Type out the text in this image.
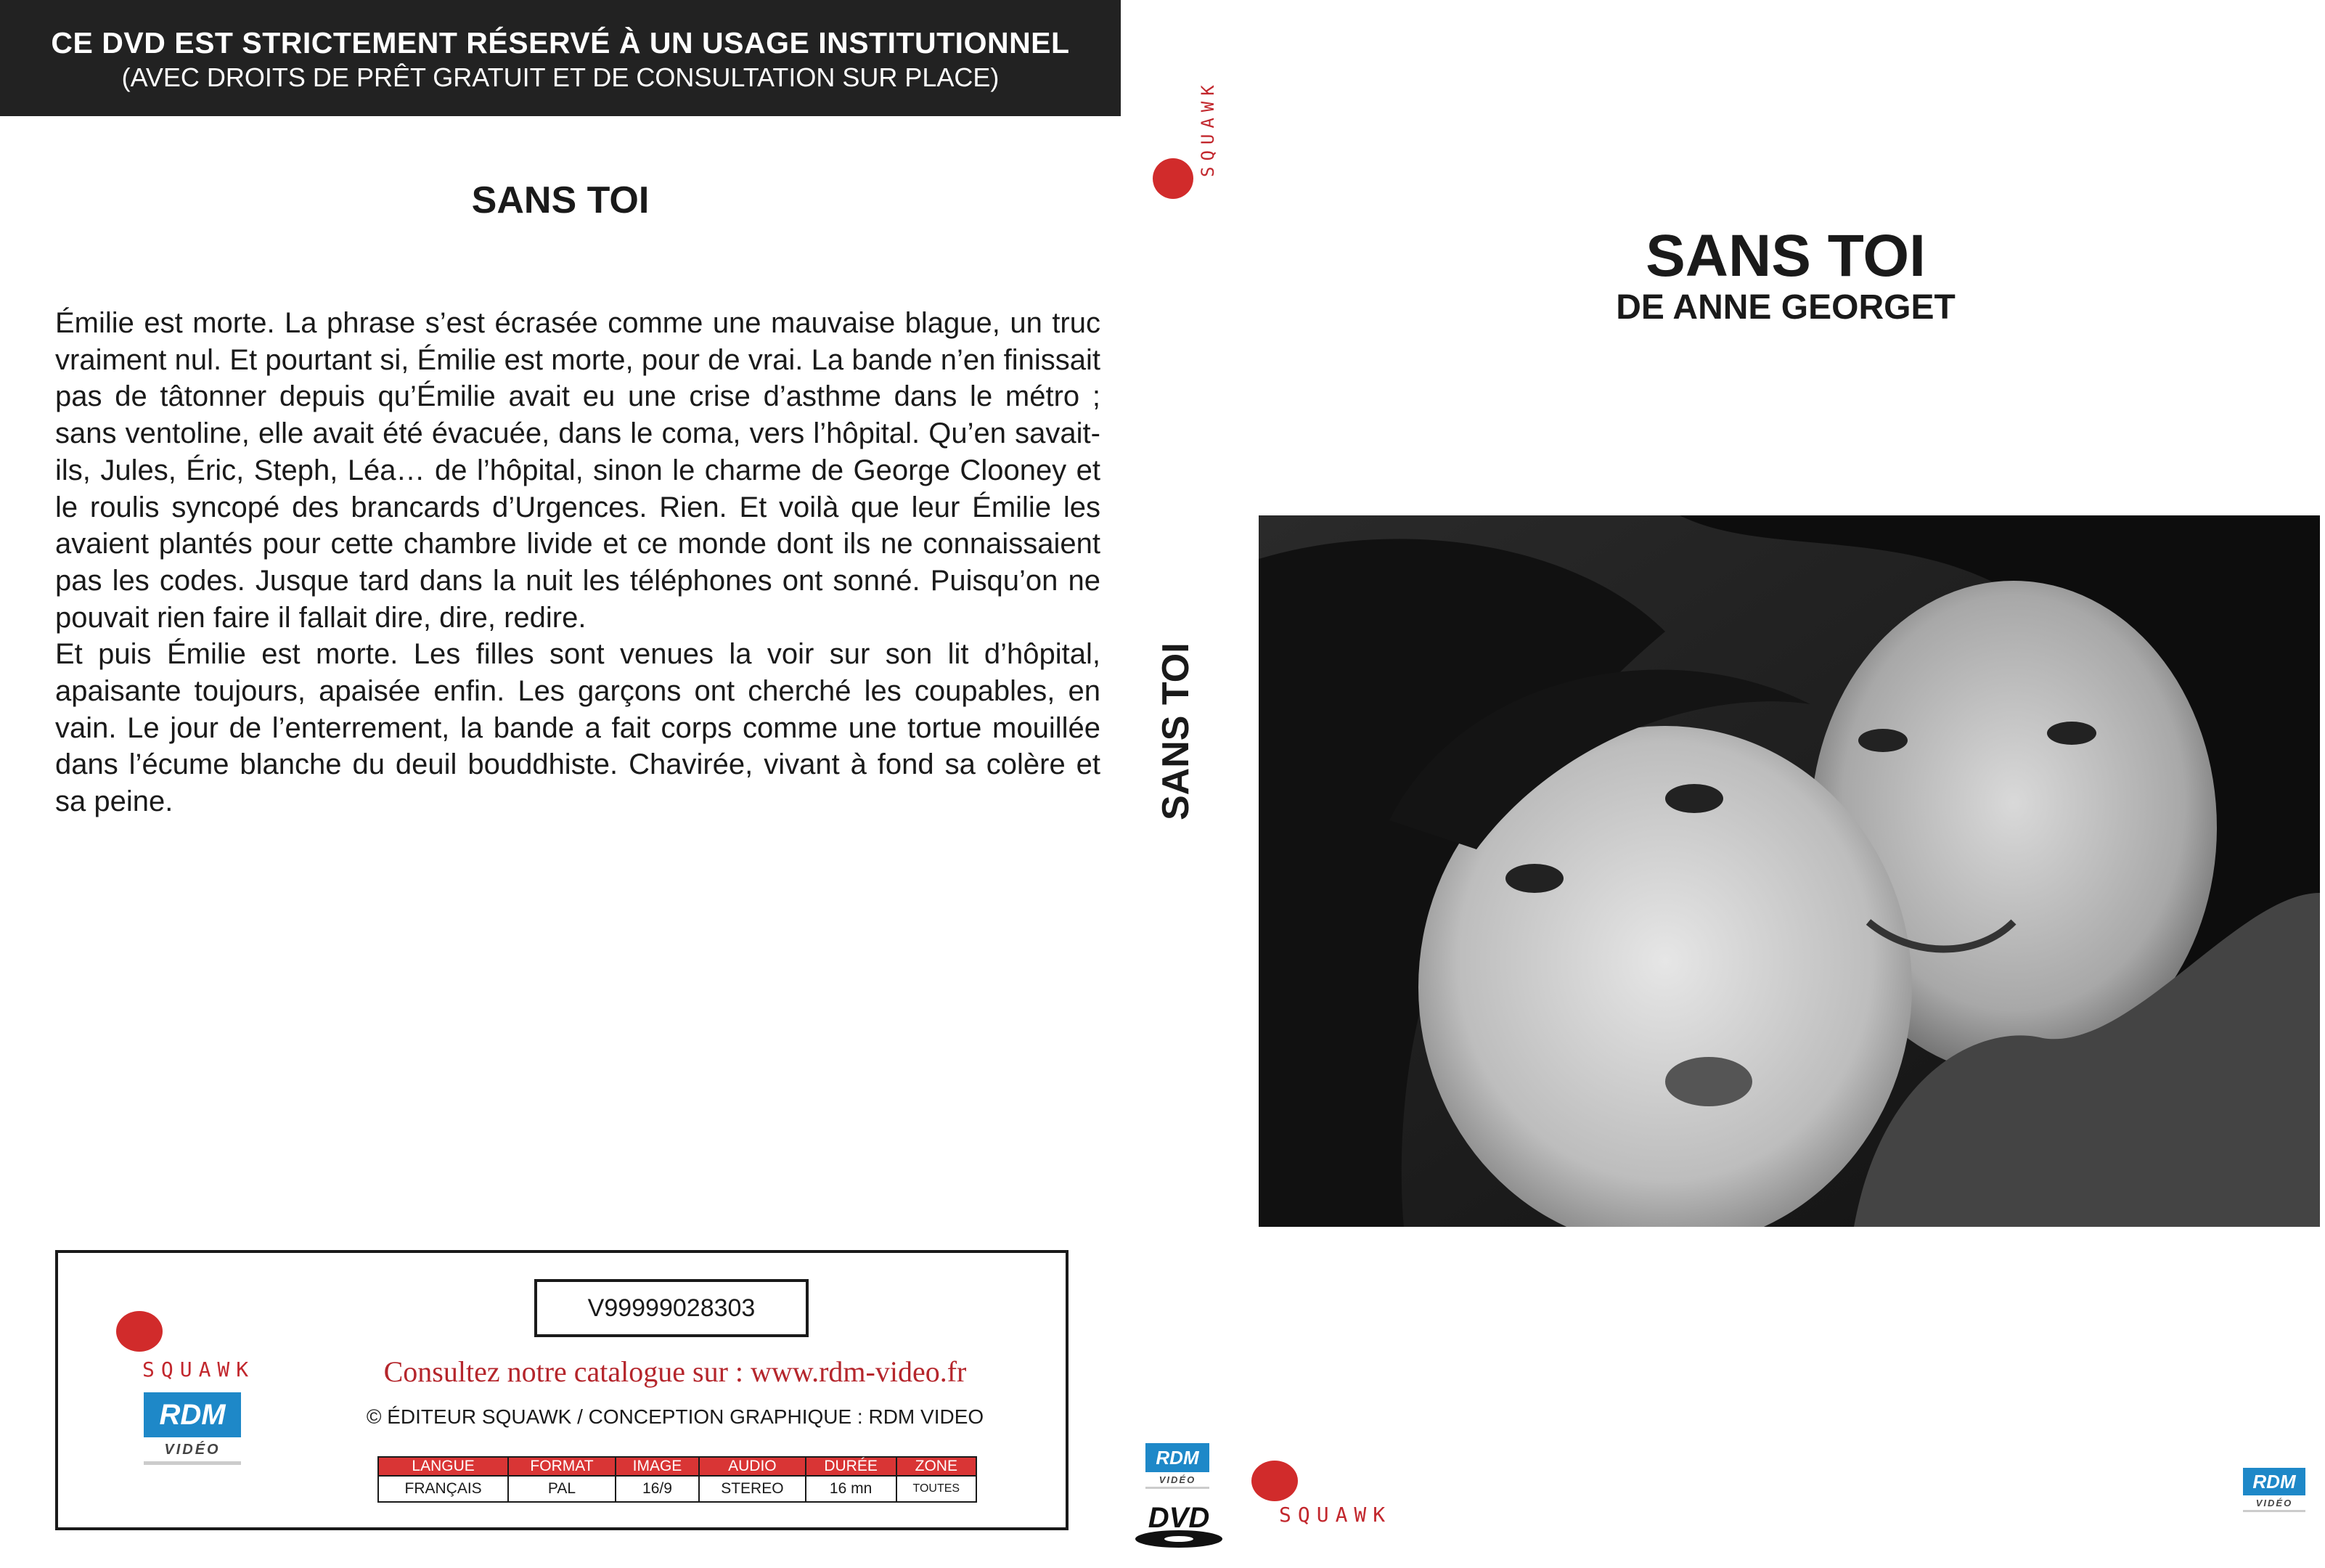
CE DVD EST STRICTEMENT RÉSERVÉ À UN USAGE INSTITUTIONNEL
(AVEC DROITS DE PRÊT GRATUIT ET DE CONSULTATION SUR PLACE)
SANS TOI

Émilie est morte. La phrase s’est écrasée comme une mauvaise blague, un truc vraiment nul. Et pourtant si, Émilie est morte, pour de vrai. La bande n’en finissait pas de tâtonner depuis qu’Émilie avait eu une crise d’asthme dans le métro ; sans ventoline, elle avait été évacuée, dans le coma, vers l’hôpital. Qu’en savait-ils, Jules, Éric, Steph, Léa… de l’hôpital, sinon le charme de George Clooney et le roulis syncopé des brancards d’Urgences. Rien. Et voilà que leur Émilie les avaient plantés pour cette chambre livide et ce monde dont ils ne connaissaient pas les codes. Jusque tard dans la nuit les téléphones ont sonné. Puisqu’on ne pouvait rien faire il fallait dire, dire, redire.

Et puis Émilie est morte. Les filles sont venues la voir sur son lit d’hôpital, apaisante toujours, apaisée enfin. Les garçons ont cherché les coupables, en vain. Le jour de l’enterrement, la bande a fait corps comme une tortue mouillée dans l’écume blanche du deuil bouddhiste. Chavirée, vivant à fond sa colère et sa peine.

SQUAWK
RDM
VIDÉO
V99999028303
Consultez notre catalogue sur : www.rdm-video.fr
© ÉDITEUR SQUAWK / CONCEPTION GRAPHIQUE : RDM VIDEO
LANGUE	FORMAT	IMAGE	AUDIO	DURÉE	ZONE
FRANÇAIS	PAL	16/9	STEREO	16 mn	TOUTES
SQUAWK
SANS TOI
RDM
VIDÉO
DVD	SQUAWK
SANS TOI
DE ANNE GEORGET
RDM
VIDÉO
